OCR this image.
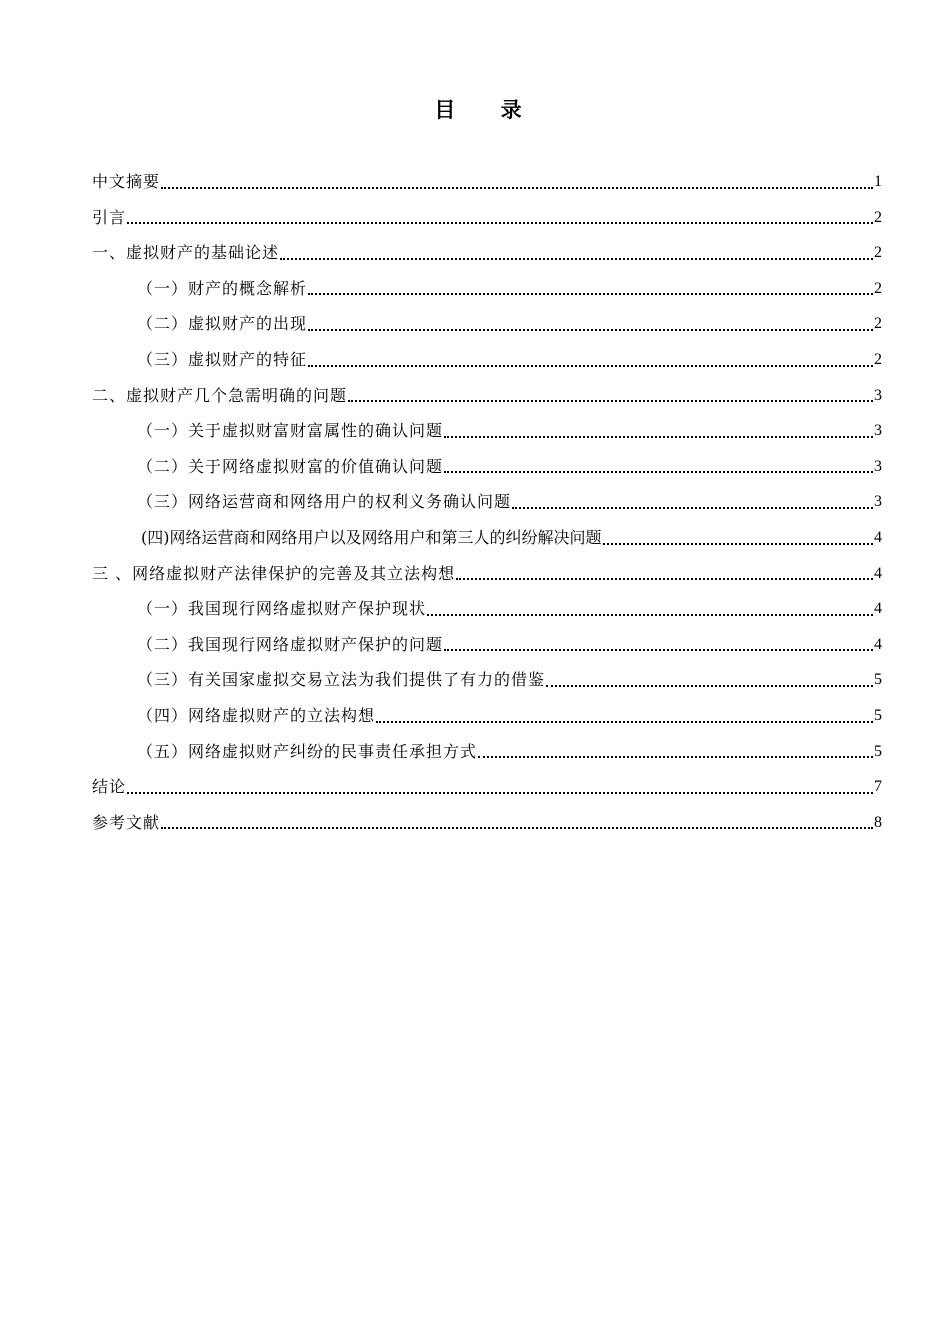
目 录
中文摘要	1
引言	2
一、虚拟财产的基础论述	2
（一）财产的概念解析	2
（二）虚拟财产的出现	2
（三）虚拟财产的特征	2
二、虚拟财产几个急需明确的问题	3
（一）关于虚拟财富财富属性的确认问题	3
（二）关于网络虚拟财富的价值确认问题	3
（三）网络运营商和网络用户的权利义务确认问题	3
(四)网络运营商和网络用户以及网络用户和第三人的纠纷解决问题	4
三 、网络虚拟财产法律保护的完善及其立法构想	4
（一）我国现行网络虚拟财产保护现状	4
（二）我国现行网络虚拟财产保护的问题	4
（三）有关国家虚拟交易立法为我们提供了有力的借鉴	5
（四）网络虚拟财产的立法构想	5
（五）网络虚拟财产纠纷的民事责任承担方式	5
结论	7
参考文献	8
